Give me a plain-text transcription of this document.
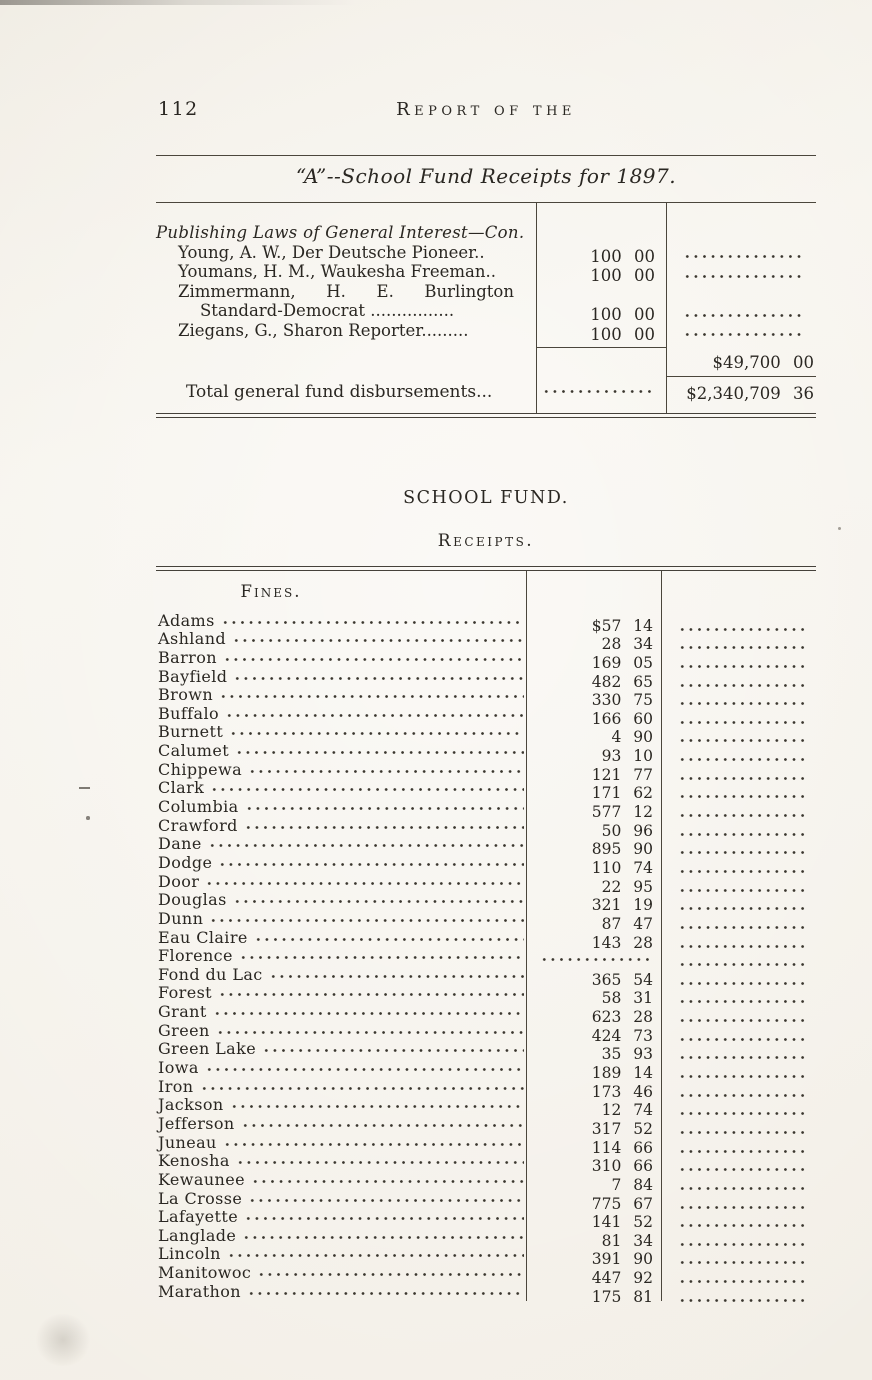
112	Report of the
“A”--School Fund Receipts for 1897.
Publishing Laws of General Interest—Con.
Young, A. W., Der Deutsche Pioneer..	100 00
Youmans, H. M., Waukesha Freeman..	100 00
Zimmermann, H. E. Burlington
Standard-Democrat ................	100 00
Ziegans, G., Sharon Reporter.........	100 00
$49,700 00
Total general fund disbursements...	$2,340,709 36
SCHOOL FUND.
Receipts.
Fines.
Adams	$57 14
Ashland	28 34
Barron	169 05
Bayfield	482 65
Brown	330 75
Buffalo	166 60
Burnett	4 90
Calumet	93 10
Chippewa	121 77
Clark	171 62
Columbia	577 12
Crawford	50 96
Dane	895 90
Dodge	110 74
Door	22 95
Douglas	321 19
Dunn	87 47
Eau Claire	143 28
Florence
Fond du Lac	365 54
Forest	58 31
Grant	623 28
Green	424 73
Green Lake	35 93
Iowa	189 14
Iron	173 46
Jackson	12 74
Jefferson	317 52
Juneau	114 66
Kenosha	310 66
Kewaunee	7 84
La Crosse	775 67
Lafayette	141 52
Langlade	81 34
Lincoln	391 90
Manitowoc	447 92
Marathon	175 81
